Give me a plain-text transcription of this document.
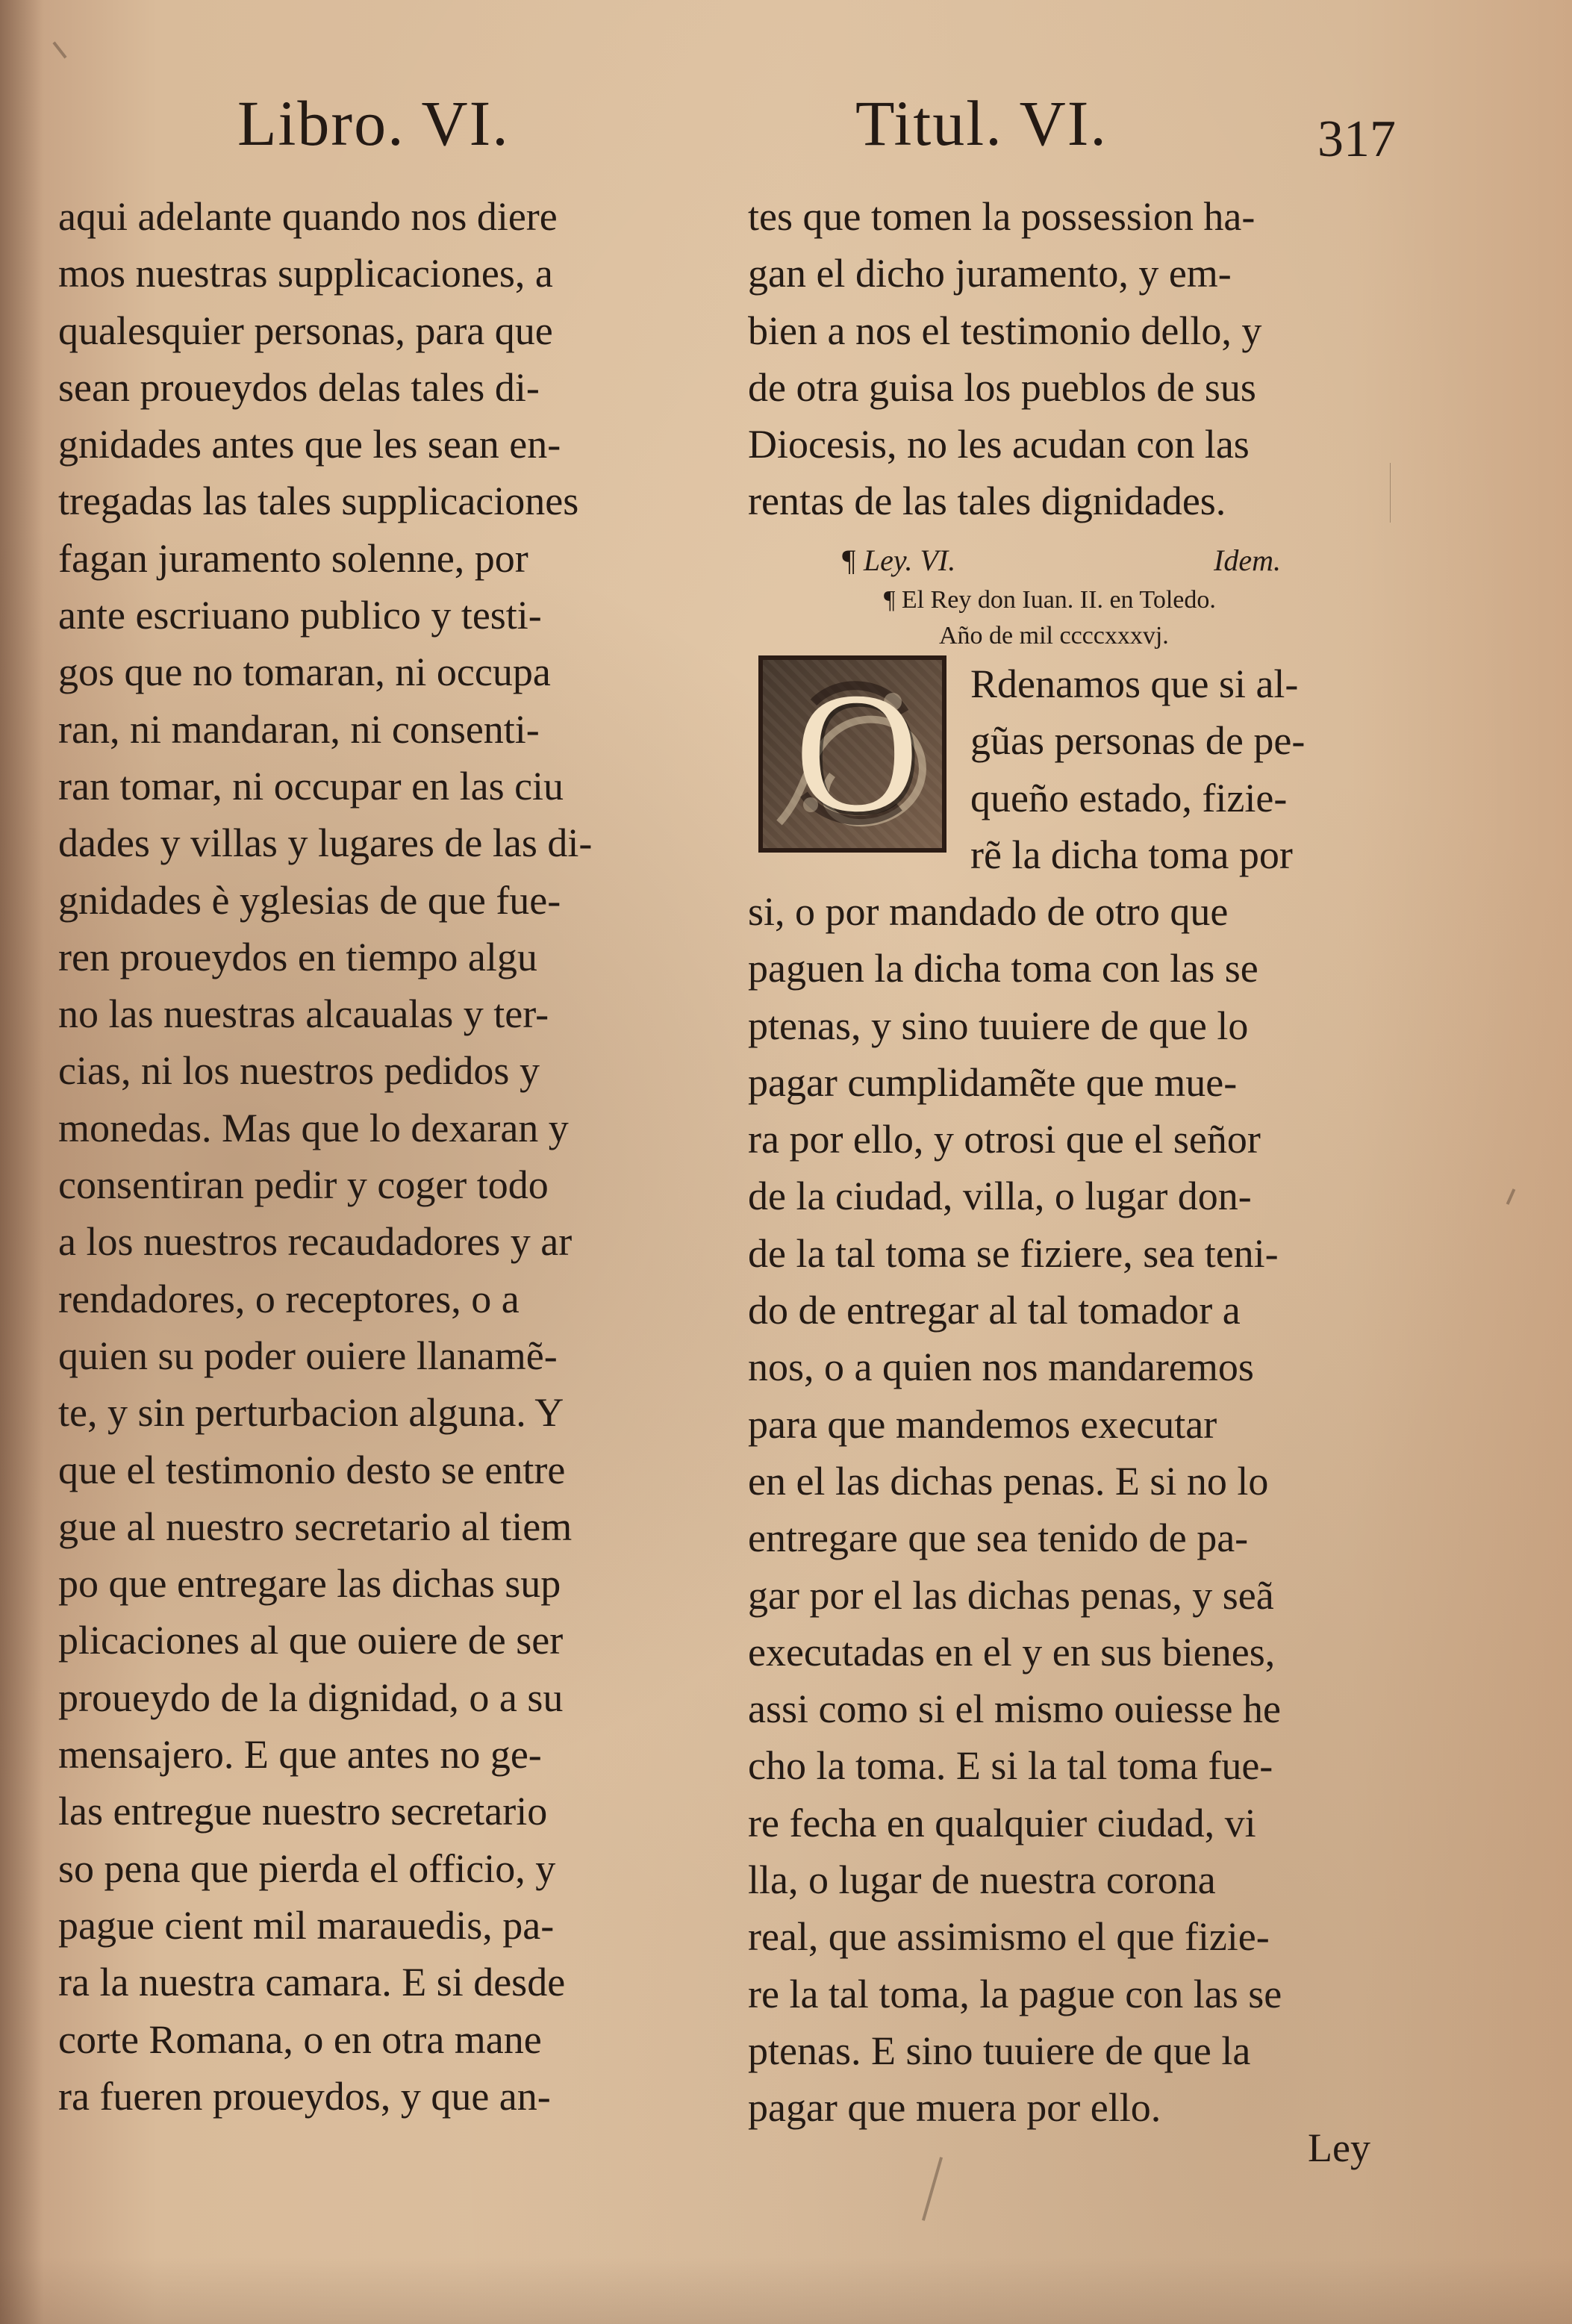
Libro. VI.	Titul. VI.	317
aqui adelante quando nos diere
mos nuestras supplicaciones, a
qualesquier personas, para que
sean proueydos delas tales di-
gnidades antes que les sean en-
tregadas las tales supplicaciones
fagan juramento solenne, por
ante escriuano publico y testi-
gos que no tomaran, ni occupa
ran, ni mandaran, ni consenti-
ran tomar, ni occupar en las ciu
dades y villas y lugares de las di-
gnidades è yglesias de que fue-
ren proueydos en tiempo algu
no las nuestras alcaualas y ter-
cias, ni los nuestros pedidos y
monedas. Mas que lo dexaran y
consentiran pedir y coger todo
a los nuestros recaudadores y ar
rendadores, o receptores, o a
quien su poder ouiere llanamẽ-
te, y sin perturbacion alguna. Y
que el testimonio desto se entre
gue al nuestro secretario al tiem
po que entregare las dichas sup
plicaciones al que ouiere de ser
proueydo de la dignidad, o a su
mensajero. E que antes no ge-
las entregue nuestro secretario
so pena que pierda el officio, y
pague cient mil marauedis, pa-
ra la nuestra camara. E si desde
corte Romana, o en otra mane
ra fueren proueydos, y que an-
tes que tomen la possession ha-
gan el dicho juramento, y em-
bien a nos el testimonio dello, y
de otra guisa los pueblos de sus
Diocesis, no les acudan con las
rentas de las tales dignidades.
¶ Ley. VI.	Idem.
¶ El Rey don Iuan. II. en Toledo.
Año de mil ccccxxxvj.
O Rdenamos que si al-
gũas personas de pe-
queño estado, fizie-
rẽ la dicha toma por
si, o por mandado de otro que
paguen la dicha toma con las se
ptenas, y sino tuuiere de que lo
pagar cumplidamẽte que mue-
ra por ello, y otrosi que el señor
de la ciudad, villa, o lugar don-
de la tal toma se fiziere, sea teni-
do de entregar al tal tomador a
nos, o a quien nos mandaremos
para que mandemos executar
en el las dichas penas. E si no lo
entregare que sea tenido de pa-
gar por el las dichas penas, y seã
executadas en el y en sus bienes,
assi como si el mismo ouiesse he
cho la toma. E si la tal toma fue-
re fecha en qualquier ciudad, vi
lla, o lugar de nuestra corona
real, que assimismo el que fizie-
re la tal toma, la pague con las se
ptenas. E sino tuuiere de que la
pagar que muera por ello.
Ley
